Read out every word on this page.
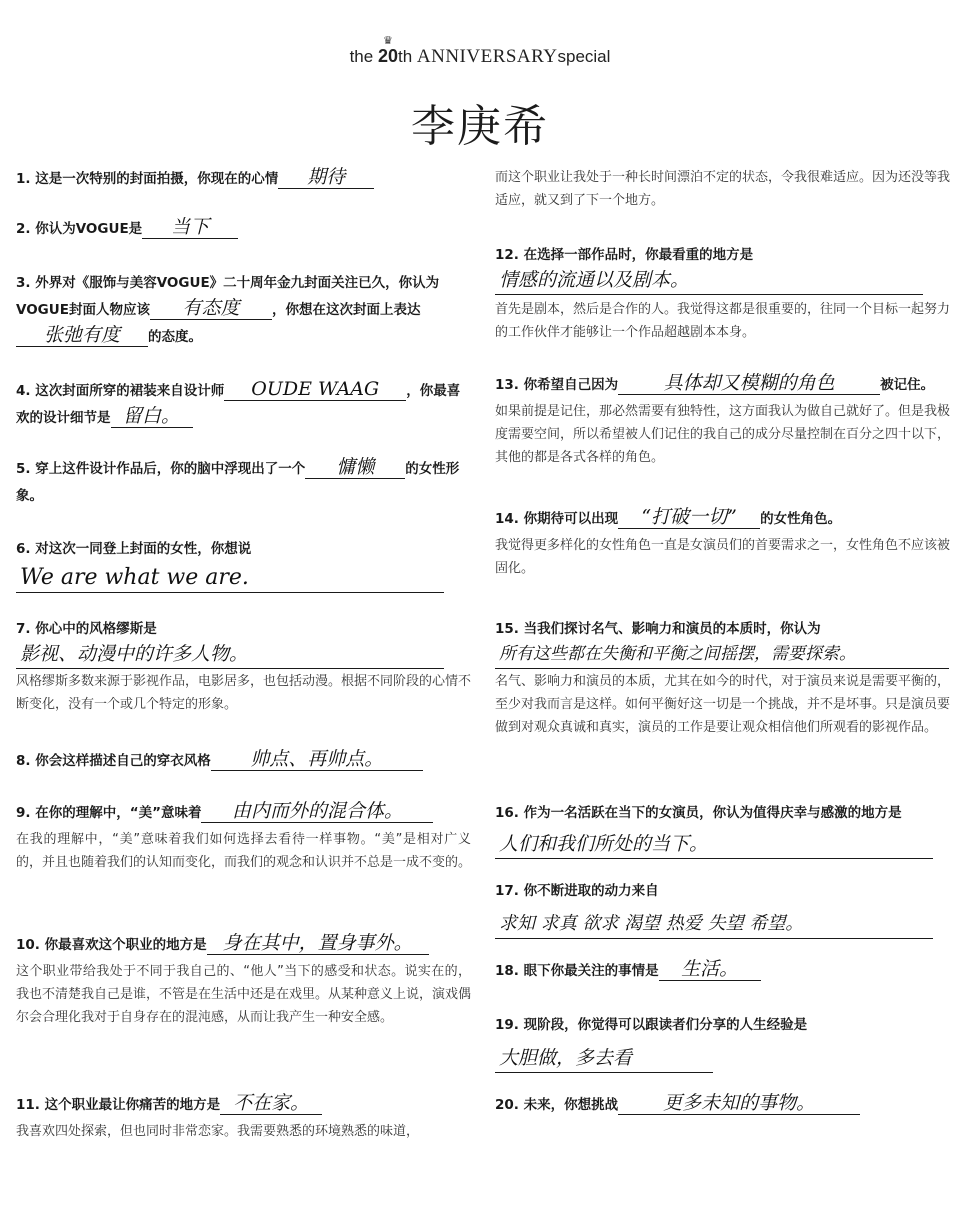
the
♛
20th ANNIVERSARYspecial
李庚希
1. 这是一次特别的封面拍摄，你现在的心情 期待
2. 你认为VOGUE是 当下
3. 外界对《服饰与美容VOGUE》二十周年金九封面关注已久，你认为VOGUE封面人物应该 有态度 ，你想在这次封面上表达张弛有度 的态度。
4. 这次封面所穿的裙装来自设计师 OUDE WAAG ，你最喜欢的设计细节是 留白。
5. 穿上这件设计作品后，你的脑中浮现出了一个 慵懒 的女性形象。
6. 对这次一同登上封面的女性，你想说
We are what we are.
7. 你心中的风格缪斯是
影视、动漫中的许多人物。
风格缪斯多数来源于影视作品，电影居多，也包括动漫。根据不同阶段的心情不断变化，没有一个或几个特定的形象。
8. 你会这样描述自己的穿衣风格 帅点、再帅点。
9. 在你的理解中，“美”意味着 由内而外的混合体。
在我的理解中，“美”意味着我们如何选择去看待一样事物。“美”是相对广义的，并且也随着我们的认知而变化，而我们的观念和认识并不总是一成不变的。
10. 你最喜欢这个职业的地方是 身在其中，置身事外。
这个职业带给我处于不同于我自己的、“他人”当下的感受和状态。说实在的，我也不清楚我自己是谁，不管是在生活中还是在戏里。从某种意义上说，演戏偶尔会合理化我对于自身存在的混沌感，从而让我产生一种安全感。
11. 这个职业最让你痛苦的地方是 不在家。
我喜欢四处探索，但也同时非常恋家。我需要熟悉的环境熟悉的味道，
而这个职业让我处于一种长时间漂泊不定的状态，令我很难适应。因为还没等我适应，就又到了下一个地方。
12. 在选择一部作品时，你最看重的地方是
情感的流通以及剧本。
首先是剧本，然后是合作的人。我觉得这都是很重要的，往同一个目标一起努力的工作伙伴才能够让一个作品超越剧本本身。
13. 你希望自己因为 具体却又模糊的角色	被记住。
如果前提是记住，那必然需要有独特性，这方面我认为做自己就好了。但是我极度需要空间，所以希望被人们记住的我自己的成分尽量控制在百分之四十以下，其他的都是各式各样的角色。
14. 你期待可以出现 “打破一切” 的女性角色。
我觉得更多样化的女性角色一直是女演员们的首要需求之一，女性角色不应该被固化。
15. 当我们探讨名气、影响力和演员的本质时，你认为
所有这些都在失衡和平衡之间摇摆，需要探索。
名气、影响力和演员的本质，尤其在如今的时代，对于演员来说是需要平衡的，至少对我而言是这样。如何平衡好这一切是一个挑战，并不是坏事。只是演员要做到对观众真诚和真实，演员的工作是要让观众相信他们所观看的影视作品。
16. 作为一名活跃在当下的女演员，你认为值得庆幸与感激的地方是
人们和我们所处的当下。
17. 你不断进取的动力来自
求知 求真 欲求 渴望 热爱 失望 希望。
18. 眼下你最关注的事情是 生活。
19. 现阶段，你觉得可以跟读者们分享的人生经验是
大胆做，多去看
20. 未来，你想挑战 更多未知的事物。
